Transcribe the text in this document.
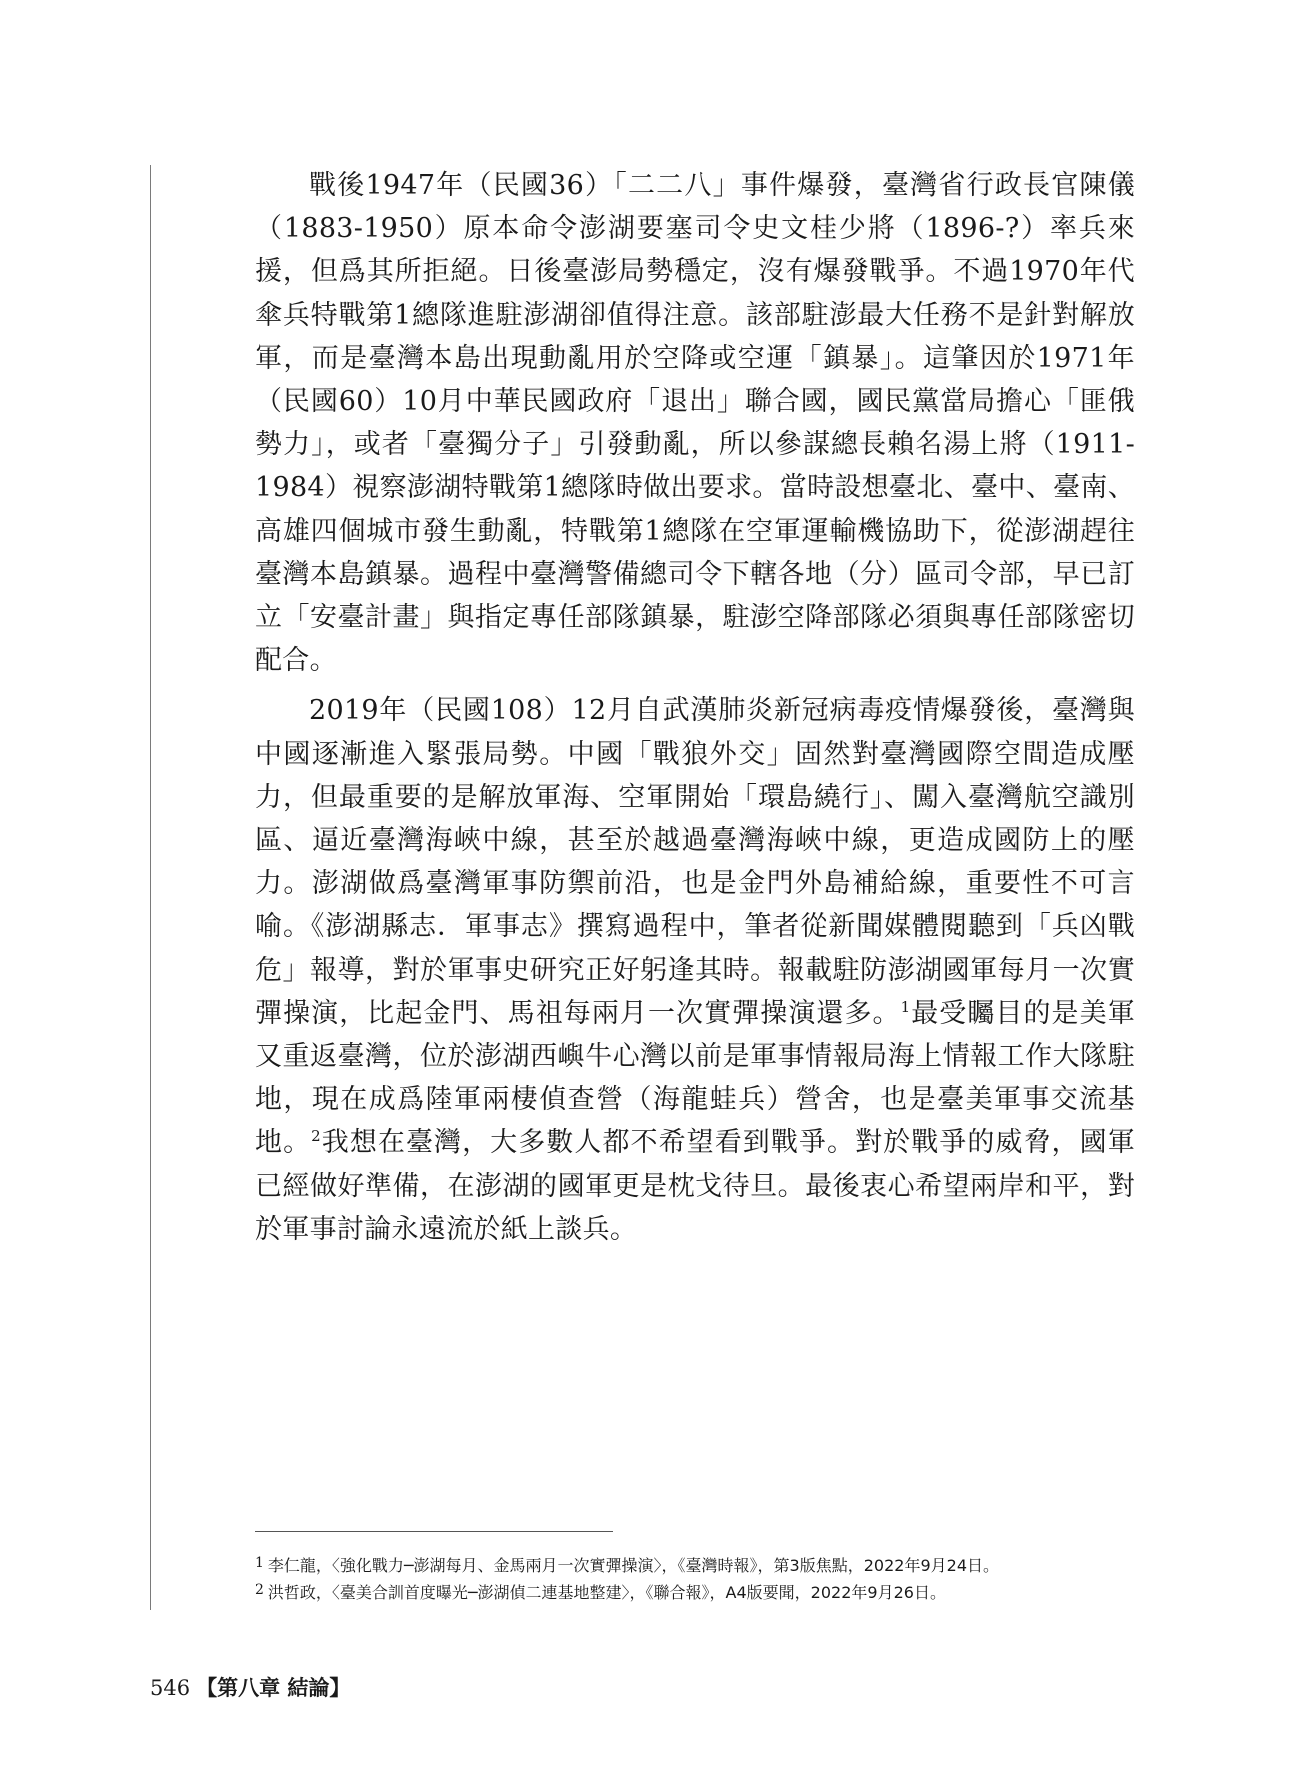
戰後1947年（民國36）「二二八」事件爆發，臺灣省行政長官陳儀（1883-1950）原本命令澎湖要塞司令史文桂少將（1896-?）率兵來援，但爲其所拒絕。日後臺澎局勢穩定，沒有爆發戰爭。不過1970年代傘兵特戰第1總隊進駐澎湖卻值得注意。該部駐澎最大任務不是針對解放軍，而是臺灣本島出現動亂用於空降或空運「鎮暴」。這肇因於1971年（民國60）10月中華民國政府「退出」聯合國，國民黨當局擔心「匪俄勢力」，或者「臺獨分子」引發動亂，所以參謀總長賴名湯上將（1911-1984）視察澎湖特戰第1總隊時做出要求。當時設想臺北、臺中、臺南、高雄四個城市發生動亂，特戰第1總隊在空軍運輸機協助下，從澎湖趕往臺灣本島鎮暴。過程中臺灣警備總司令下轄各地（分）區司令部，早已訂立「安臺計畫」與指定專任部隊鎮暴，駐澎空降部隊必須與專任部隊密切配合。

2019年（民國108）12月自武漢肺炎新冠病毒疫情爆發後，臺灣與中國逐漸進入緊張局勢。中國「戰狼外交」固然對臺灣國際空間造成壓力，但最重要的是解放軍海、空軍開始「環島繞行」、闖入臺灣航空識別區、逼近臺灣海峽中線，甚至於越過臺灣海峽中線，更造成國防上的壓力。澎湖做爲臺灣軍事防禦前沿，也是金門外島補給線，重要性不可言喻。《澎湖縣志．軍事志》撰寫過程中，筆者從新聞媒體閱聽到「兵凶戰危」報導，對於軍事史研究正好躬逢其時。報載駐防澎湖國軍每月一次實彈操演，比起金門、馬祖每兩月一次實彈操演還多。$^1$最受矚目的是美軍又重返臺灣，位於澎湖西嶼牛心灣以前是軍事情報局海上情報工作大隊駐地，現在成爲陸軍兩棲偵查營（海龍蛙兵）營舍，也是臺美軍事交流基地。$^2$我想在臺灣，大多數人都不希望看到戰爭。對於戰爭的威脅，國軍已經做好準備，在澎湖的國軍更是枕戈待旦。最後衷心希望兩岸和平，對於軍事討論永遠流於紙上談兵。

1 李仁龍，〈強化戰力─澎湖每月、金馬兩月一次實彈操演〉，《臺灣時報》，第3版焦點，2022年9月24日。

2 洪哲政，〈臺美合訓首度曝光─澎湖偵二連基地整建〉，《聯合報》，A4版要聞，2022年9月26日。

546 【第八章 結論】
